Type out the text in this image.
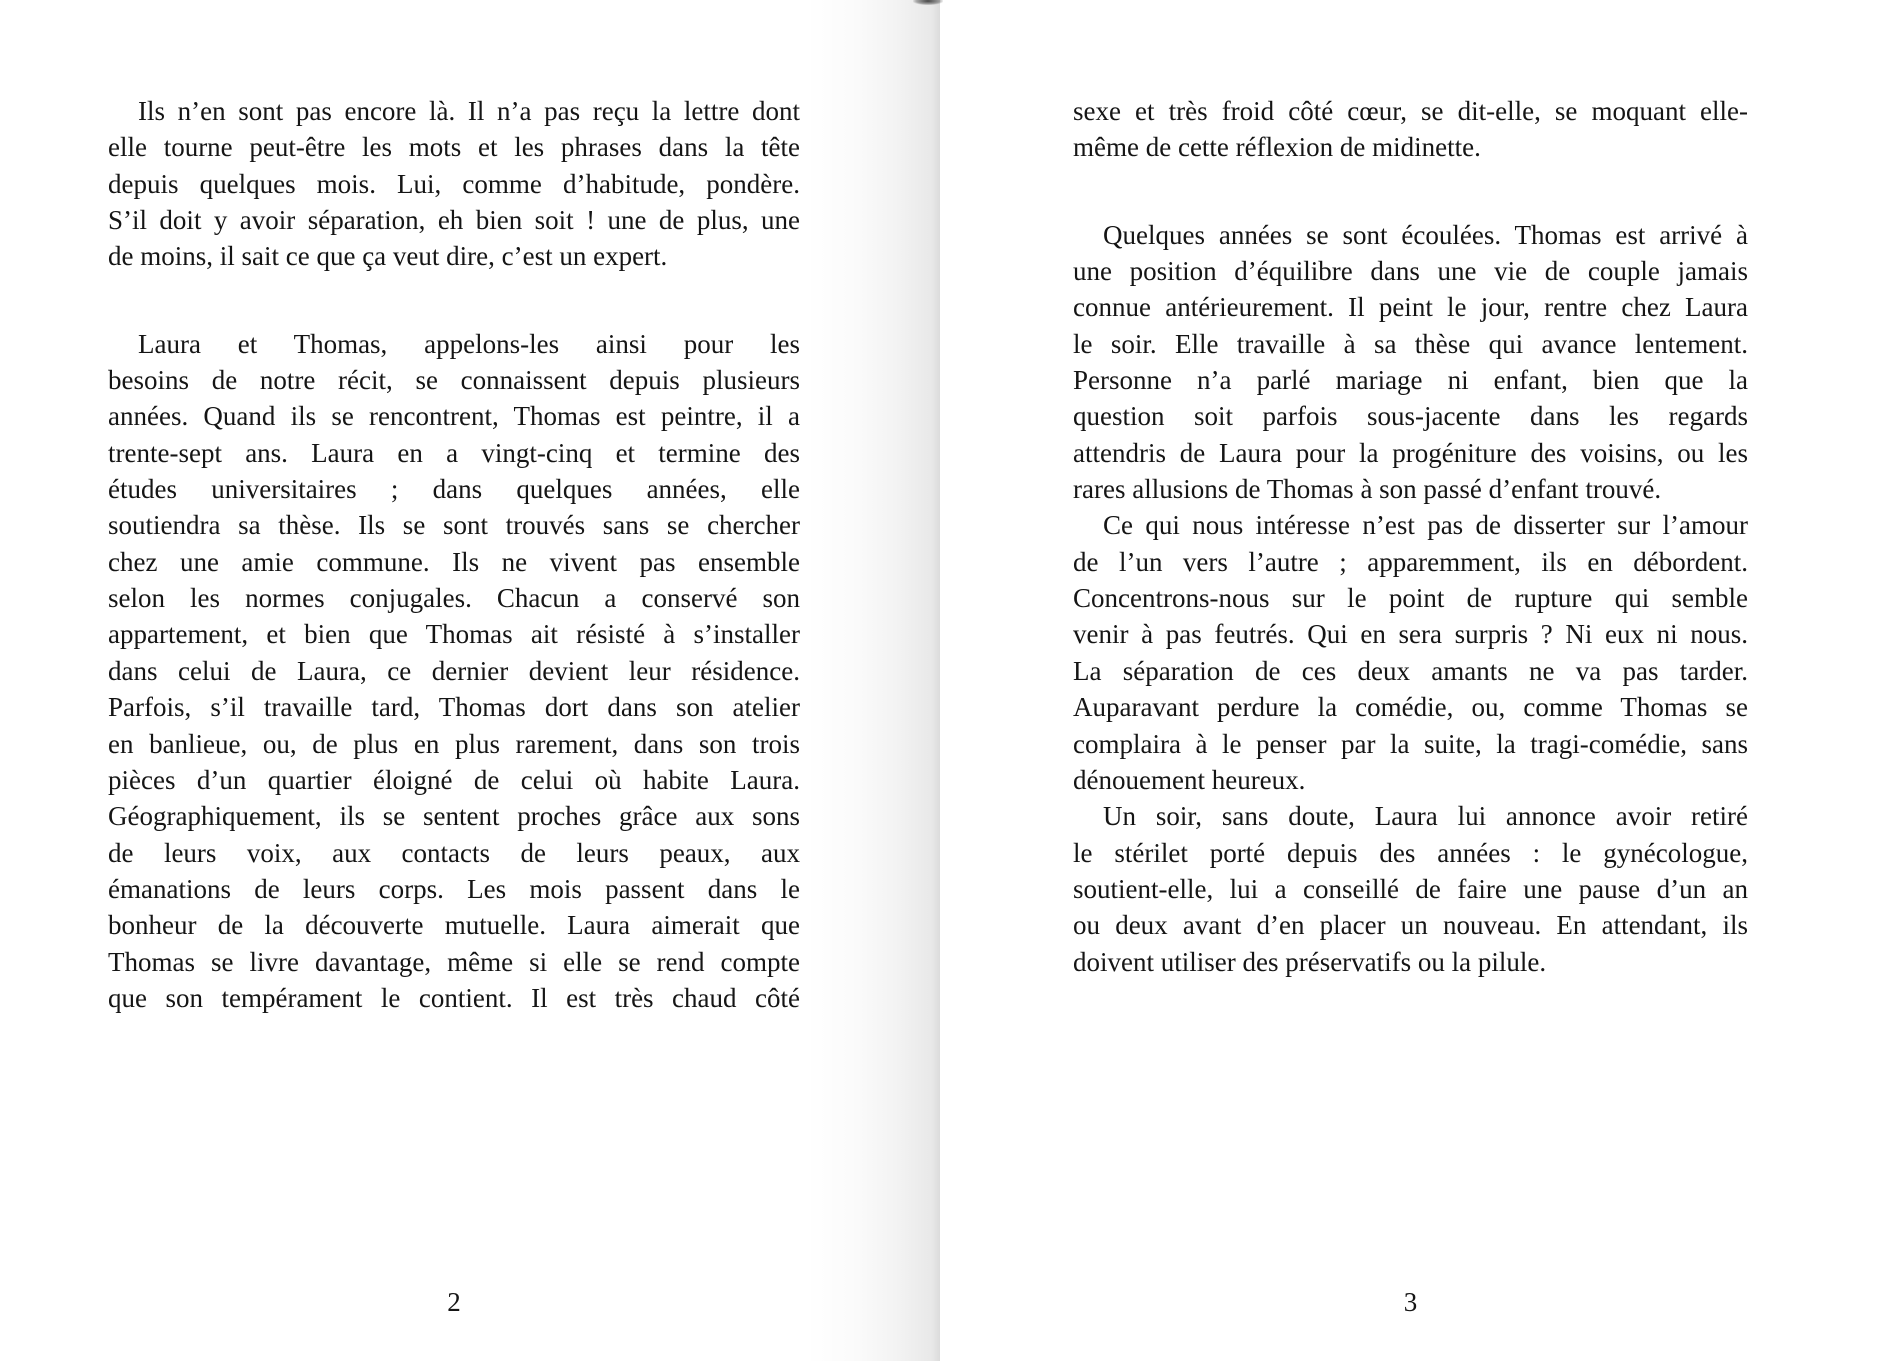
Ils n’en sont pas encore là. Il n’a pas reçu la lettre dont
elle tourne peut-être les mots et les phrases dans la tête
depuis quelques mois. Lui, comme d’habitude, pondère.
S’il doit y avoir séparation, eh bien soit ! une de plus, une
de moins, il sait ce que ça veut dire, c’est un expert.
Laura et Thomas, appelons-les ainsi pour les
besoins de notre récit, se connaissent depuis plusieurs
années. Quand ils se rencontrent, Thomas est peintre, il a
trente-sept ans. Laura en a vingt-cinq et termine des
études universitaires ; dans quelques années, elle
soutiendra sa thèse. Ils se sont trouvés sans se chercher
chez une amie commune. Ils ne vivent pas ensemble
selon les normes conjugales. Chacun a conservé son
appartement, et bien que Thomas ait résisté à s’installer
dans celui de Laura, ce dernier devient leur résidence.
Parfois, s’il travaille tard, Thomas dort dans son atelier
en banlieue, ou, de plus en plus rarement, dans son trois
pièces d’un quartier éloigné de celui où habite Laura.
Géographiquement, ils se sentent proches grâce aux sons
de leurs voix, aux contacts de leurs peaux, aux
émanations de leurs corps. Les mois passent dans le
bonheur de la découverte mutuelle. Laura aimerait que
Thomas se livre davantage, même si elle se rend compte
que son tempérament le contient. Il est très chaud côté
2
sexe et très froid côté cœur, se dit-elle, se moquant elle-
même de cette réflexion de midinette.
Quelques années se sont écoulées. Thomas est arrivé à
une position d’équilibre dans une vie de couple jamais
connue antérieurement. Il peint le jour, rentre chez Laura
le soir. Elle travaille à sa thèse qui avance lentement.
Personne n’a parlé mariage ni enfant, bien que la
question soit parfois sous-jacente dans les regards
attendris de Laura pour la progéniture des voisins, ou les
rares allusions de Thomas à son passé d’enfant trouvé.
Ce qui nous intéresse n’est pas de disserter sur l’amour
de l’un vers l’autre ; apparemment, ils en débordent.
Concentrons-nous sur le point de rupture qui semble
venir à pas feutrés. Qui en sera surpris ? Ni eux ni nous.
La séparation de ces deux amants ne va pas tarder.
Auparavant perdure la comédie, ou, comme Thomas se
complaira à le penser par la suite, la tragi-comédie, sans
dénouement heureux.
Un soir, sans doute, Laura lui annonce avoir retiré
le stérilet porté depuis des années : le gynécologue,
soutient-elle, lui a conseillé de faire une pause d’un an
ou deux avant d’en placer un nouveau. En attendant, ils
doivent utiliser des préservatifs ou la pilule.
3
